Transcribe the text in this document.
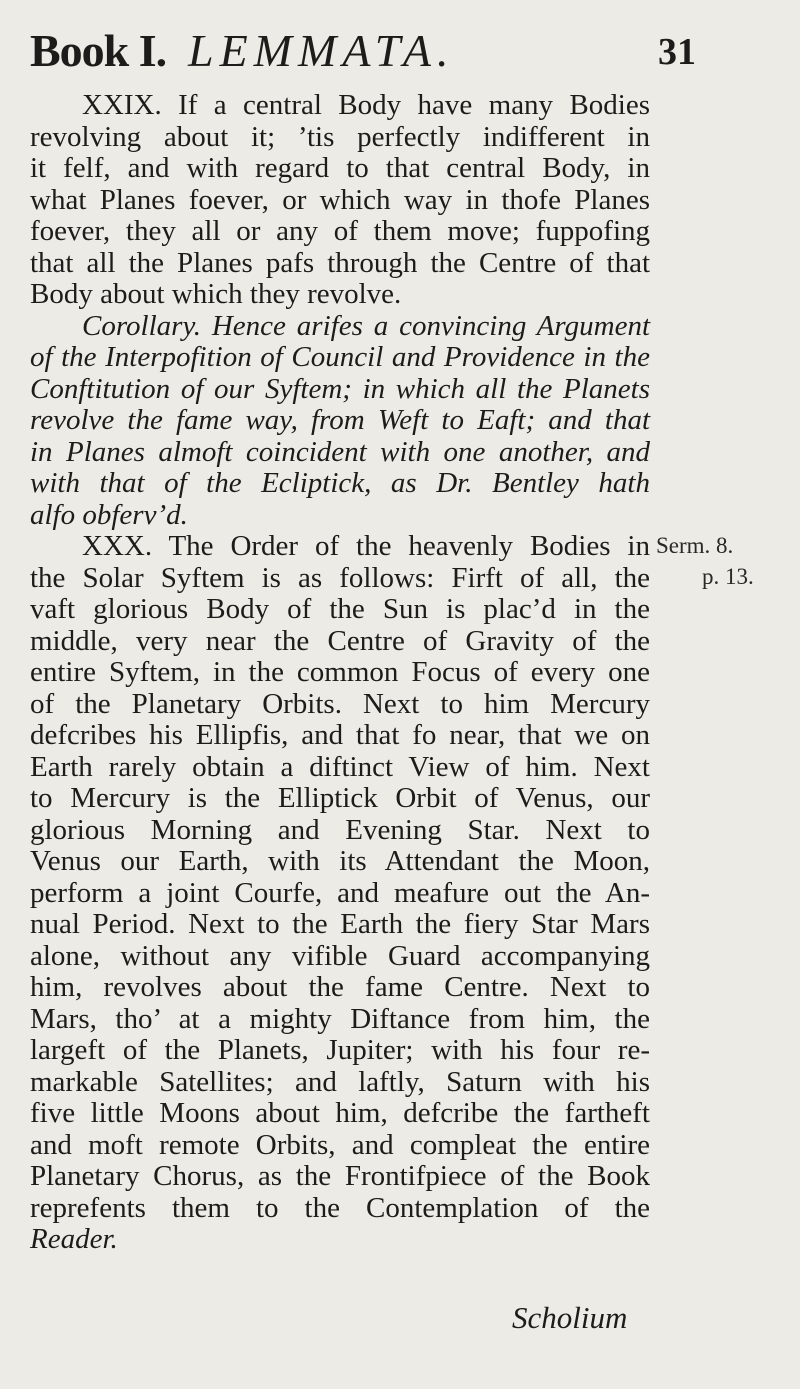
Book I. LEMMATA.	31
XXIX. If a central Body have many Bodies
revolving about it; ’tis perfectly indifferent in
it felf, and with regard to that central Body, in
what Planes foever, or which way in thofe Planes
foever, they all or any of them move; fuppofing
that all the Planes pafs through the Centre of that
Body about which they revolve.
Corollary. Hence arifes a convincing Argument
of the Interpofition of Council and Providence in the
Conftitution of our Syftem; in which all the Planets
revolve the fame way, from Weft to Eaft; and that
in Planes almoft coincident with one another, and
with that of the Ecliptick, as Dr. Bentley hath
alfo obferv’d.
XXX. The Order of the heavenly Bodies in
the Solar Syftem is as follows: Firft of all, the
vaft glorious Body of the Sun is plac’d in the
middle, very near the Centre of Gravity of the
entire Syftem, in the common Focus of every one
of the Planetary Orbits. Next to him Mercury
defcribes his Ellipfis, and that fo near, that we on
Earth rarely obtain a diftinct View of him. Next
to Mercury is the Elliptick Orbit of Venus, our
glorious Morning and Evening Star. Next to
Venus our Earth, with its Attendant the Moon,
perform a joint Courfe, and meafure out the An-
nual Period. Next to the Earth the fiery Star Mars
alone, without any vifible Guard accompanying
him, revolves about the fame Centre. Next to
Mars, tho’ at a mighty Diftance from him, the
largeft of the Planets, Jupiter; with his four re-
markable Satellites; and laftly, Saturn with his
five little Moons about him, defcribe the fartheft
and moft remote Orbits, and compleat the entire
Planetary Chorus, as the Frontifpiece of the Book
reprefents them to the Contemplation of the
Reader.
Serm. 8.
p. 13.
Scholium
